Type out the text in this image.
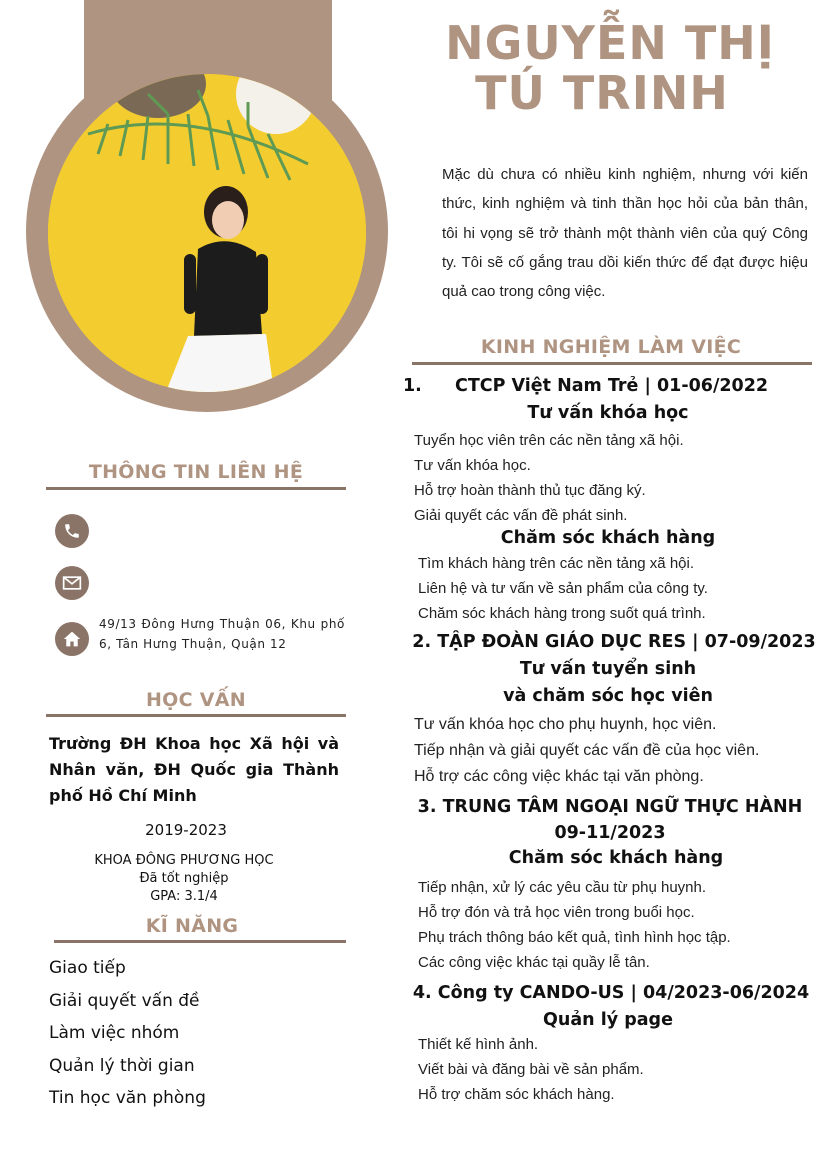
THÔNG TIN LIÊN HỆ
49/13 Đông Hưng Thuận 06, Khu phố 6, Tân Hưng Thuận, Quận 12
HỌC VẤN
Trường ĐH Khoa học Xã hội và Nhân văn, ĐH Quốc gia Thành phố Hồ Chí Minh
2019-2023
KHOA ĐÔNG PHƯƠNG HỌC
Đã tốt nghiệp
GPA: 3.1/4
KĨ NĂNG
Giao tiếp
Giải quyết vấn đề
Làm việc nhóm
Quản lý thời gian
Tin học văn phòng
NGUYỄN THỊ
TÚ TRINH
Mặc dù chưa có nhiều kinh nghiệm, nhưng với kiến thức, kinh nghiệm và tinh thần học hỏi của bản thân, tôi hi vọng sẽ trở thành một thành viên của quý Công ty. Tôi sẽ cố gắng trau dồi kiến thức để đạt được hiệu quả cao trong công việc.
KINH NGHIỆM LÀM VIỆC
1. CTCP Việt Nam Trẻ | 01-06/2022
Tư vấn khóa học
Tuyển học viên trên các nền tảng xã hội.
Tư vấn khóa học.
Hỗ trợ hoàn thành thủ tục đăng ký.
Giải quyết các vấn đề phát sinh.
Chăm sóc khách hàng
Tìm khách hàng trên các nền tảng xã hội.
Liên hệ và tư vấn về sản phẩm của công ty.
Chăm sóc khách hàng trong suốt quá trình.
2. TẬP ĐOÀN GIÁO DỤC RES | 07-09/2023
Tư vấn tuyển sinh
và chăm sóc học viên
Tư vấn khóa học cho phụ huynh, học viên.
Tiếp nhận và giải quyết các vấn đề của học viên.
Hỗ trợ các công việc khác tại văn phòng.
3. TRUNG TÂM NGOẠI NGỮ THỰC HÀNH
09-11/2023
Chăm sóc khách hàng
Tiếp nhận, xử lý các yêu cầu từ phụ huynh.
Hỗ trợ đón và trả học viên trong buổi học.
Phụ trách thông báo kết quả, tình hình học tập.
Các công việc khác tại quầy lễ tân.
4. Công ty CANDO-US | 04/2023-06/2024
Quản lý page
Thiết kế hình ảnh.
Viết bài và đăng bài về sản phẩm.
Hỗ trợ chăm sóc khách hàng.
